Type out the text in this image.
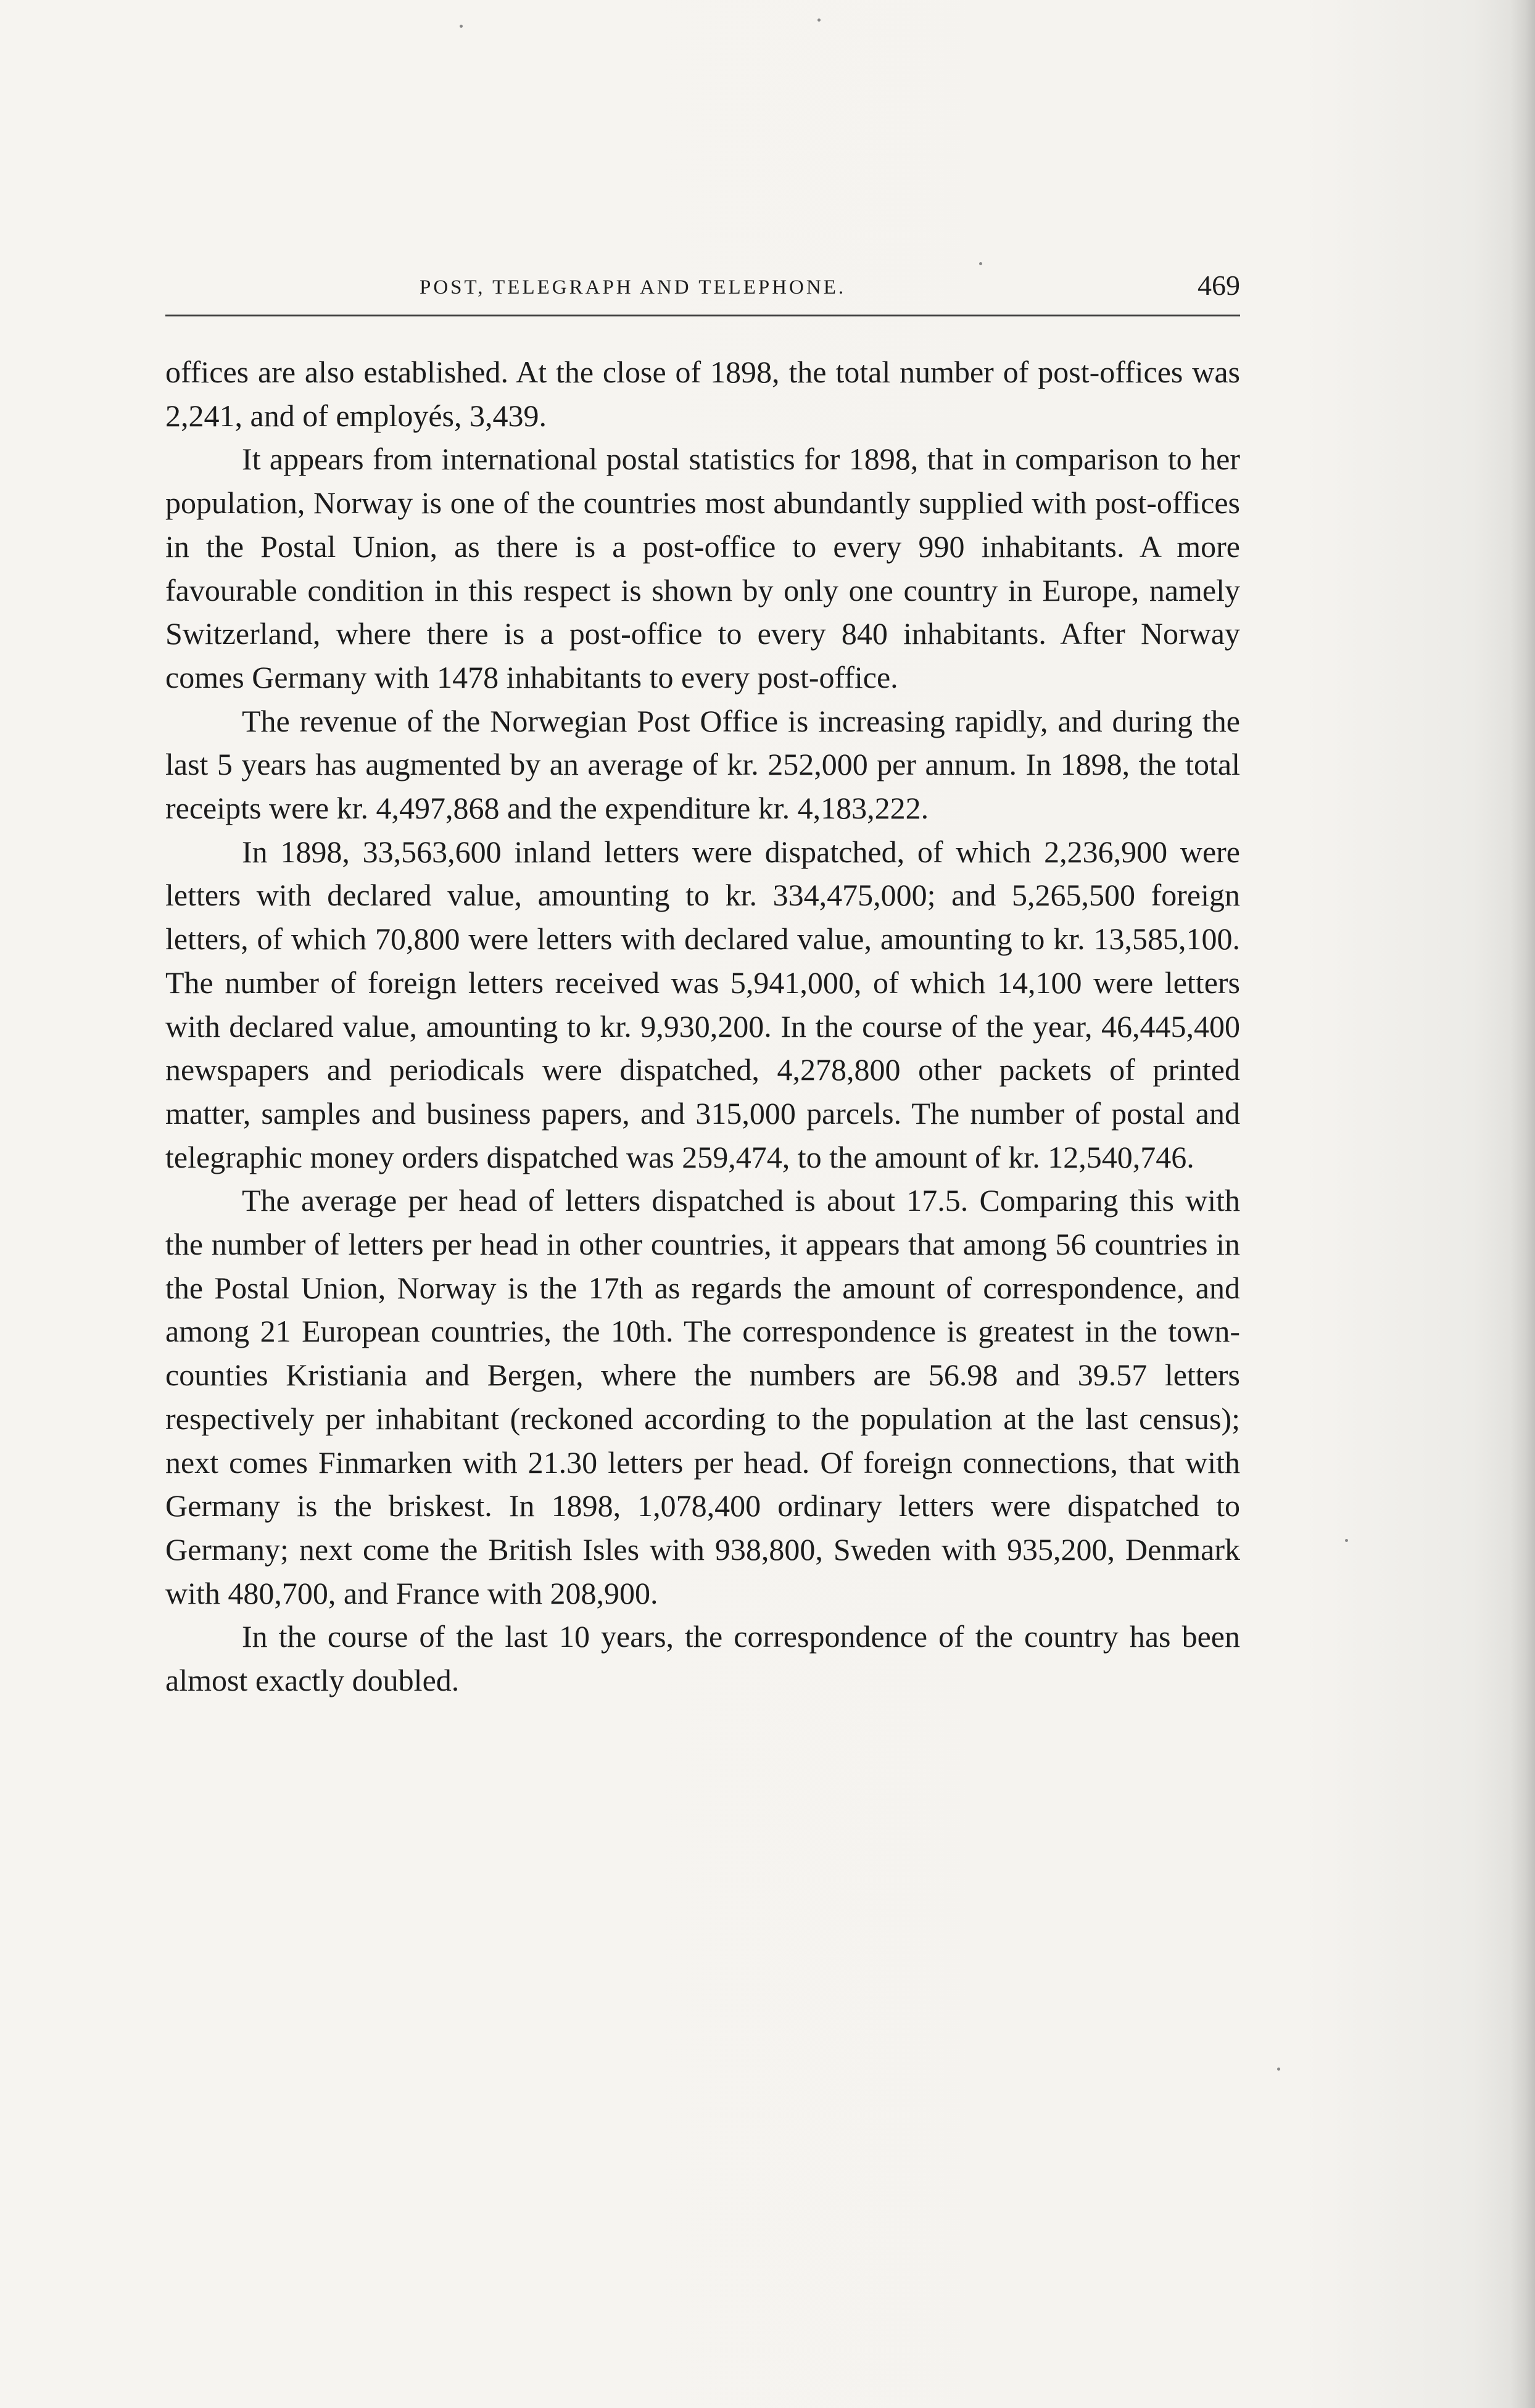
POST, TELEGRAPH AND TELEPHONE.	469

offices are also established. At the close of 1898, the total number of post-offices was 2,241, and of employés, 3,439.

It appears from international postal statistics for 1898, that in comparison to her population, Norway is one of the countries most abundantly supplied with post-offices in the Postal Union, as there is a post-office to every 990 inhabitants. A more favourable condition in this respect is shown by only one country in Europe, namely Switzerland, where there is a post-office to every 840 inhabitants. After Norway comes Germany with 1478 inhabitants to every post-office.

The revenue of the Norwegian Post Office is increasing rapidly, and during the last 5 years has augmented by an average of kr. 252,000 per annum. In 1898, the total receipts were kr. 4,497,868 and the expenditure kr. 4,183,222.

In 1898, 33,563,600 inland letters were dispatched, of which 2,236,900 were letters with declared value, amounting to kr. 334,475,000; and 5,265,500 foreign letters, of which 70,800 were letters with declared value, amounting to kr. 13,585,100. The number of foreign letters received was 5,941,000, of which 14,100 were letters with declared value, amounting to kr. 9,930,200. In the course of the year, 46,445,400 newspapers and periodicals were dispatched, 4,278,800 other packets of printed matter, samples and business papers, and 315,000 parcels. The number of postal and telegraphic money orders dispatched was 259,474, to the amount of kr. 12,540,746.

The average per head of letters dispatched is about 17.5. Comparing this with the number of letters per head in other countries, it appears that among 56 countries in the Postal Union, Norway is the 17th as regards the amount of correspondence, and among 21 European countries, the 10th. The correspondence is greatest in the town-counties Kristiania and Bergen, where the numbers are 56.98 and 39.57 letters respectively per inhabitant (reckoned according to the population at the last census); next comes Finmarken with 21.30 letters per head. Of foreign connections, that with Germany is the briskest. In 1898, 1,078,400 ordinary letters were dispatched to Germany; next come the British Isles with 938,800, Sweden with 935,200, Denmark with 480,700, and France with 208,900.

In the course of the last 10 years, the correspondence of the country has been almost exactly doubled.
